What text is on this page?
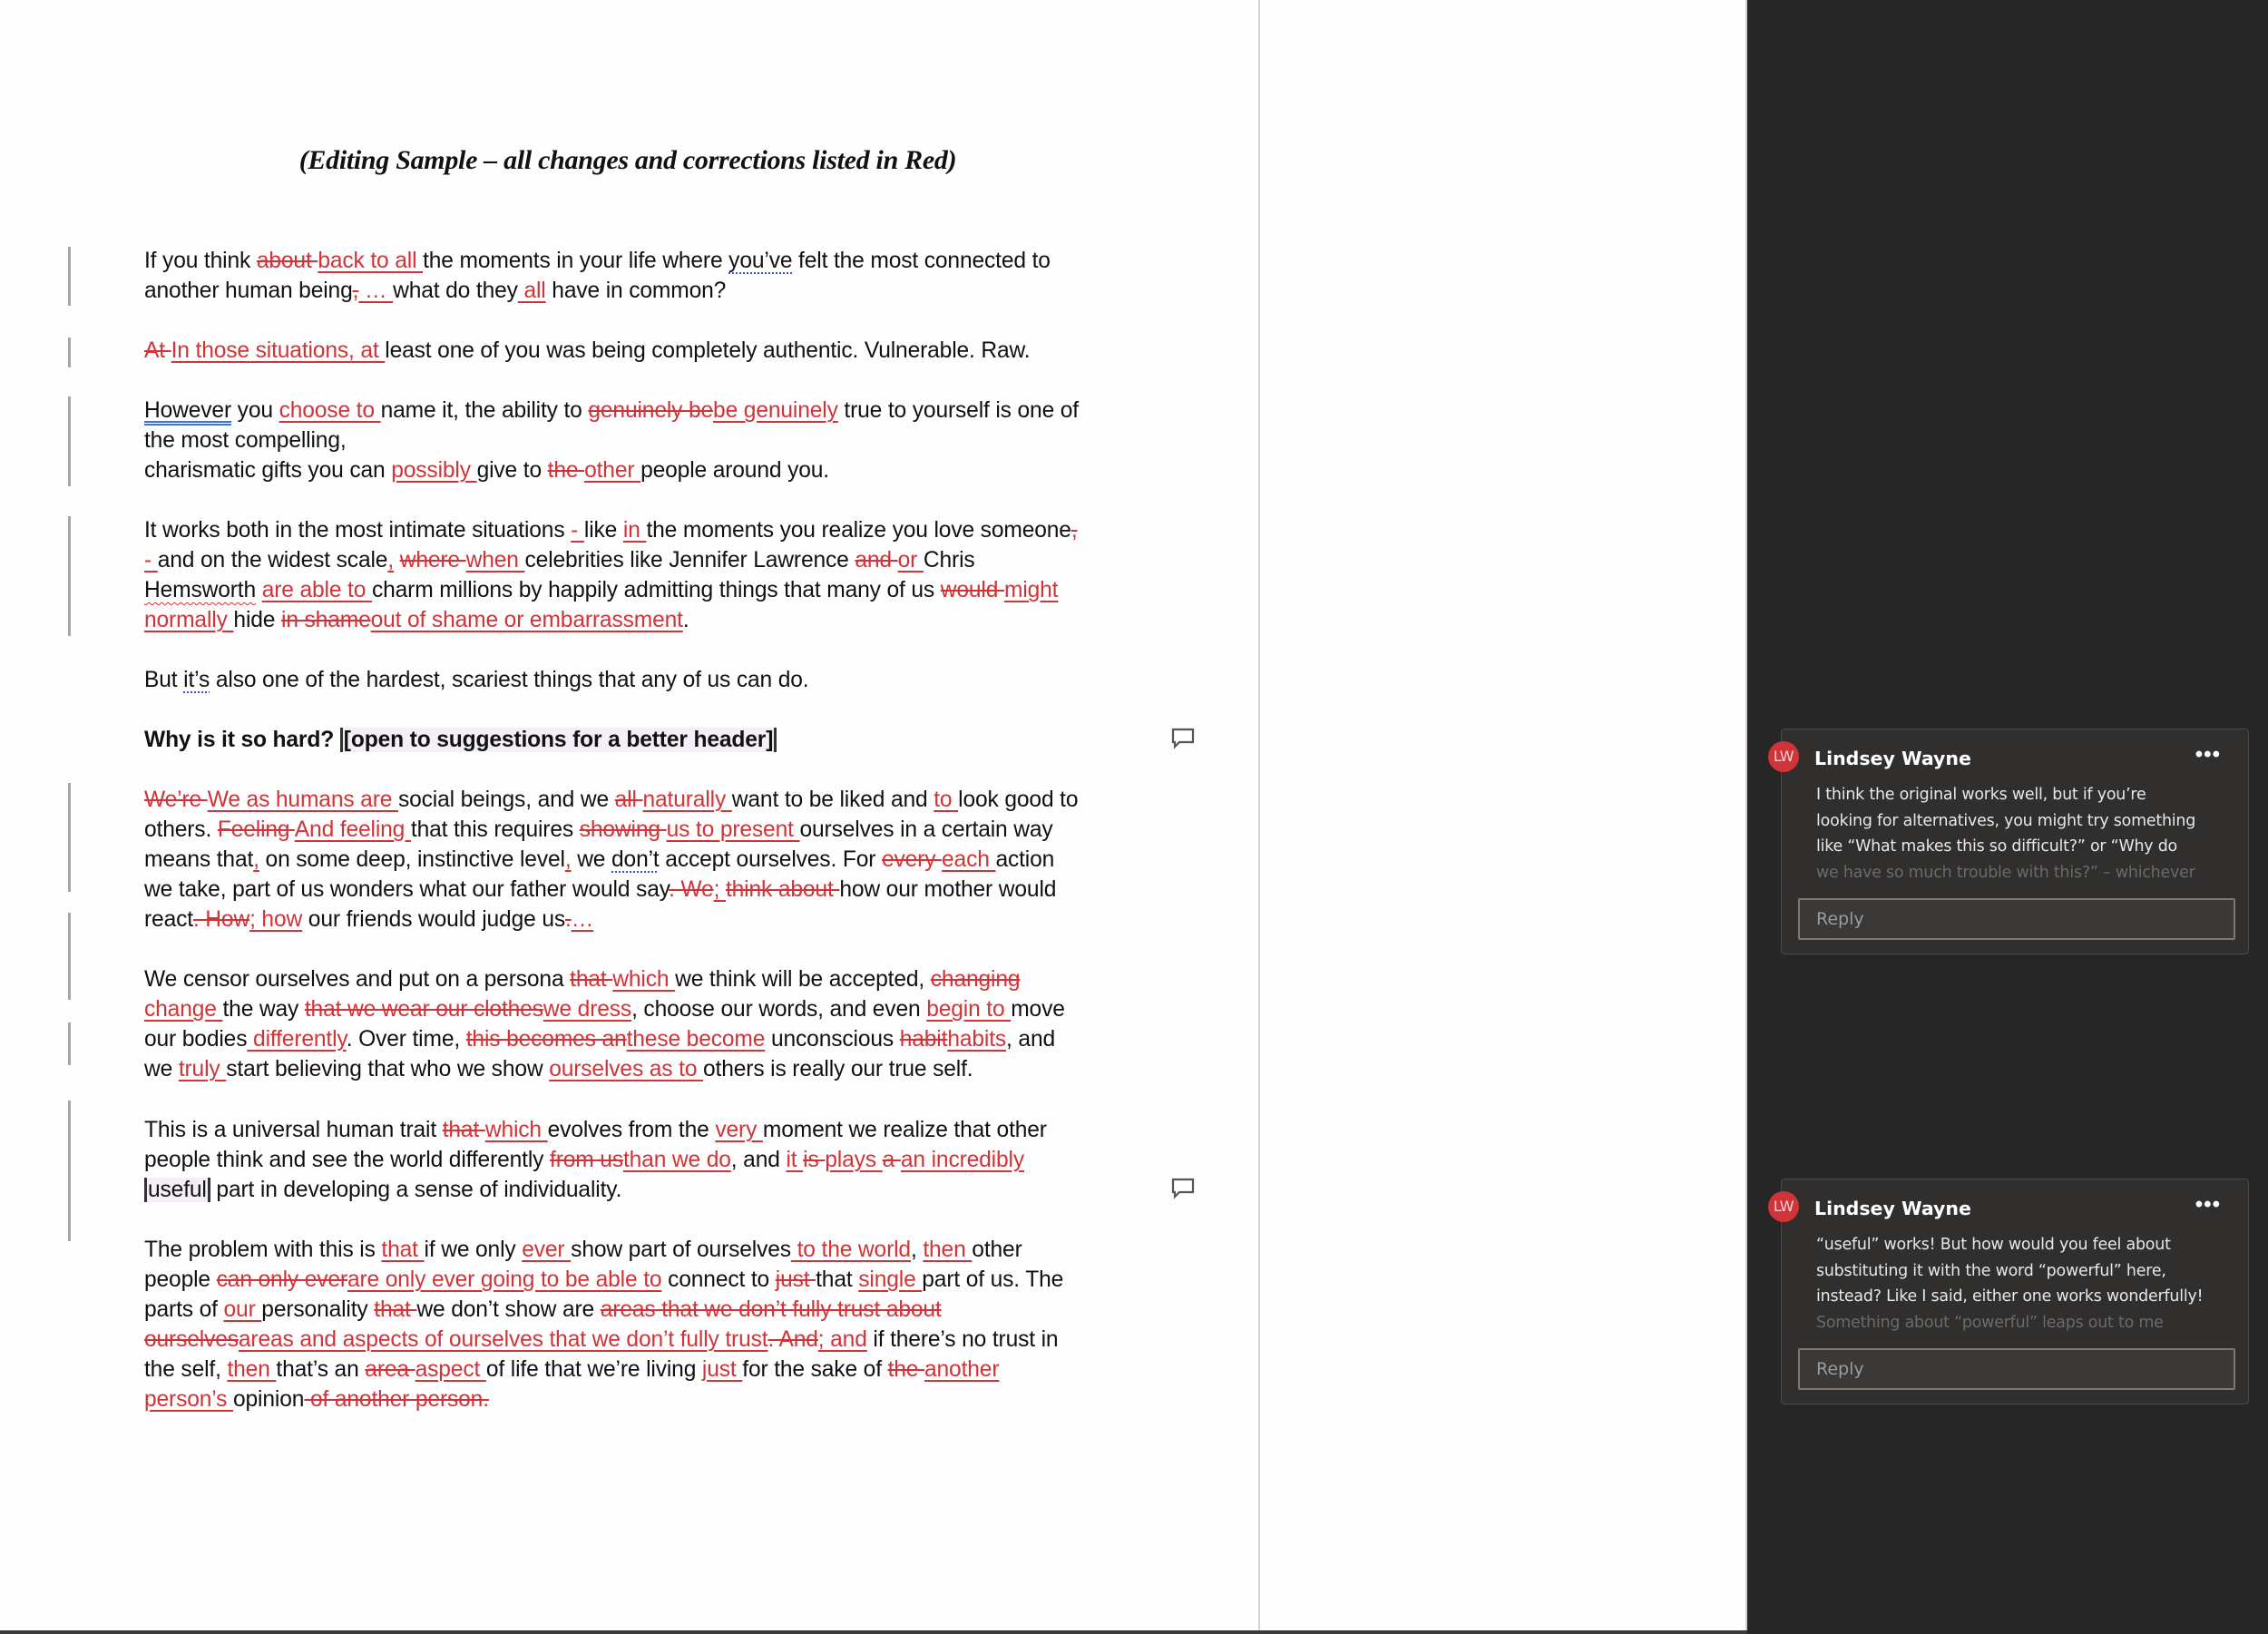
(Editing Sample – all changes and corrections listed in Red)
If you think about back to all the moments in your life where you’ve felt the most connected to
another human being, … what do they all have in common?
At In those situations, at least one of you was being completely authentic. Vulnerable. Raw.
However you choose to name it, the ability to genuinely bebe genuinely true to yourself is one of
the most compelling,
charismatic gifts you can possibly give to the other people around you.
It works both in the most intimate situations - like in the moments you realize you love someone,
- and on the widest scale, where when celebrities like Jennifer Lawrence and or Chris
Hemsworth are able to charm millions by happily admitting things that many of us would might
normally hide in shameout of shame or embarrassment.
But it’s also one of the hardest, scariest things that any of us can do.
Why is it so hard? [open to suggestions for a better header]
We’re We as humans are social beings, and we all naturally want to be liked and to look good to
others. Feeling And feeling that this requires showing us to present ourselves in a certain way
means that, on some deep, instinctive level, we don’t accept ourselves. For every each action
we take, part of us wonders what our father would say. We; think about how our mother would
react. How; how our friends would judge us.…
We censor ourselves and put on a persona that which we think will be accepted, changing
change the way that we wear our clotheswe dress, choose our words, and even begin to move
our bodies differently. Over time, this becomes anthese become unconscious habithabits, and
we truly start believing that who we show ourselves as to others is really our true self.
This is a universal human trait that which evolves from the very moment we realize that other
people think and see the world differently from usthan we do, and it is plays a an incredibly
useful part in developing a sense of individuality.
The problem with this is that if we only ever show part of ourselves to the world, then other
people can only everare only ever going to be able to connect to just that single part of us. The
parts of our personality that we don’t show are areas that we don’t fully trust about
ourselvesareas and aspects of ourselves that we don’t fully trust. And; and if there’s no trust in
the self, then that’s an area aspect of life that we’re living just for the sake of the another
person’s opinion of another person.
LW Lindsey Wayne	•••
I think the original works well, but if you’re
looking for alternatives, you might try something
like “What makes this so difficult?” or “Why do
we have so much trouble with this?” – whichever
Reply
LW Lindsey Wayne	•••
“useful” works! But how would you feel about
substituting it with the word “powerful” here,
instead? Like I said, either one works wonderfully!
Something about “powerful” leaps out to me
Reply
